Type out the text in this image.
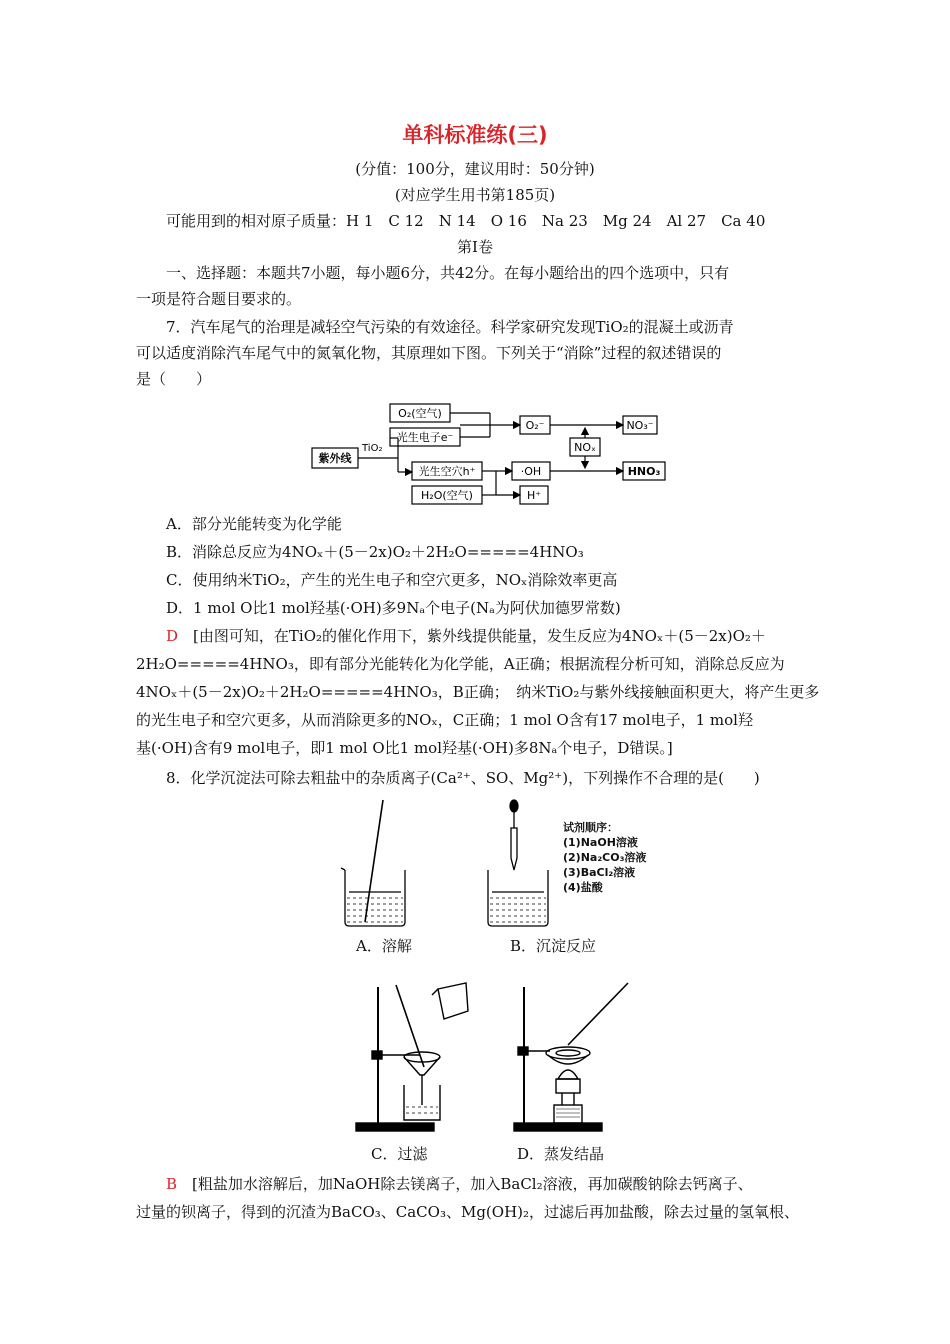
单科标准练(三)
(分值：100分，建议用时：50分钟)
(对应学生用书第185页)
可能用到的相对原子质量：H 1　C 12　N 14　O 16　Na 23　Mg 24　Al 27　Ca 40
第Ⅰ卷
一、选择题：本题共7小题，每小题6分，共42分。在每小题给出的四个选项中，只有
一项是符合题目要求的。
7．汽车尾气的治理是减轻空气污染的有效途径。科学家研究发现TiO₂的混凝土或沥青
可以适度消除汽车尾气中的氮氧化物，其原理如下图。下列关于“消除”过程的叙述错误的
是（　　）
紫外线
TiO₂
O₂(空气)
光生电子e⁻
O₂⁻	NO₃⁻
NOₓ
光生空穴h⁺
H₂O(空气)
·OH
H⁺
HNO₃
A．部分光能转变为化学能
B．消除总反应为4NOₓ＋(5－2x)O₂＋2H₂O=====4HNO₃
C．使用纳米TiO₂，产生的光生电子和空穴更多，NOₓ消除效率更高
D．1 mol O比1 mol羟基(·OH)多9Nₐ个电子(Nₐ为阿伏加德罗常数)
D　 [由图可知，在TiO₂的催化作用下，紫外线提供能量，发生反应为4NOₓ＋(5－2x)O₂＋
2H₂O=====4HNO₃，即有部分光能转化为化学能，A正确；根据流程分析可知，消除总反应为
4NOₓ＋(5－2x)O₂＋2H₂O=====4HNO₃，B正确；　纳米TiO₂与紫外线接触面积更大，将产生更多
的光生电子和空穴更多，从而消除更多的NOₓ，C正确；1 mol O含有17 mol电子，1 mol羟
基(·OH)含有9 mol电子，即1 mol O比1 mol羟基(·OH)多8Nₐ个电子，D错误。]
8．化学沉淀法可除去粗盐中的杂质离子(Ca²⁺、SO、Mg²⁺)，下列操作不合理的是(　　)
A．溶解
试剂顺序：
(1)NaOH溶液
(2)Na₂CO₃溶液
(3)BaCl₂溶液
(4)盐酸
B．沉淀反应
C．过滤	D．蒸发结晶
B　 [粗盐加水溶解后，加NaOH除去镁离子，加入BaCl₂溶液，再加碳酸钠除去钙离子、
过量的钡离子，得到的沉渣为BaCO₃、CaCO₃、Mg(OH)₂，过滤后再加盐酸，除去过量的氢氧根、
